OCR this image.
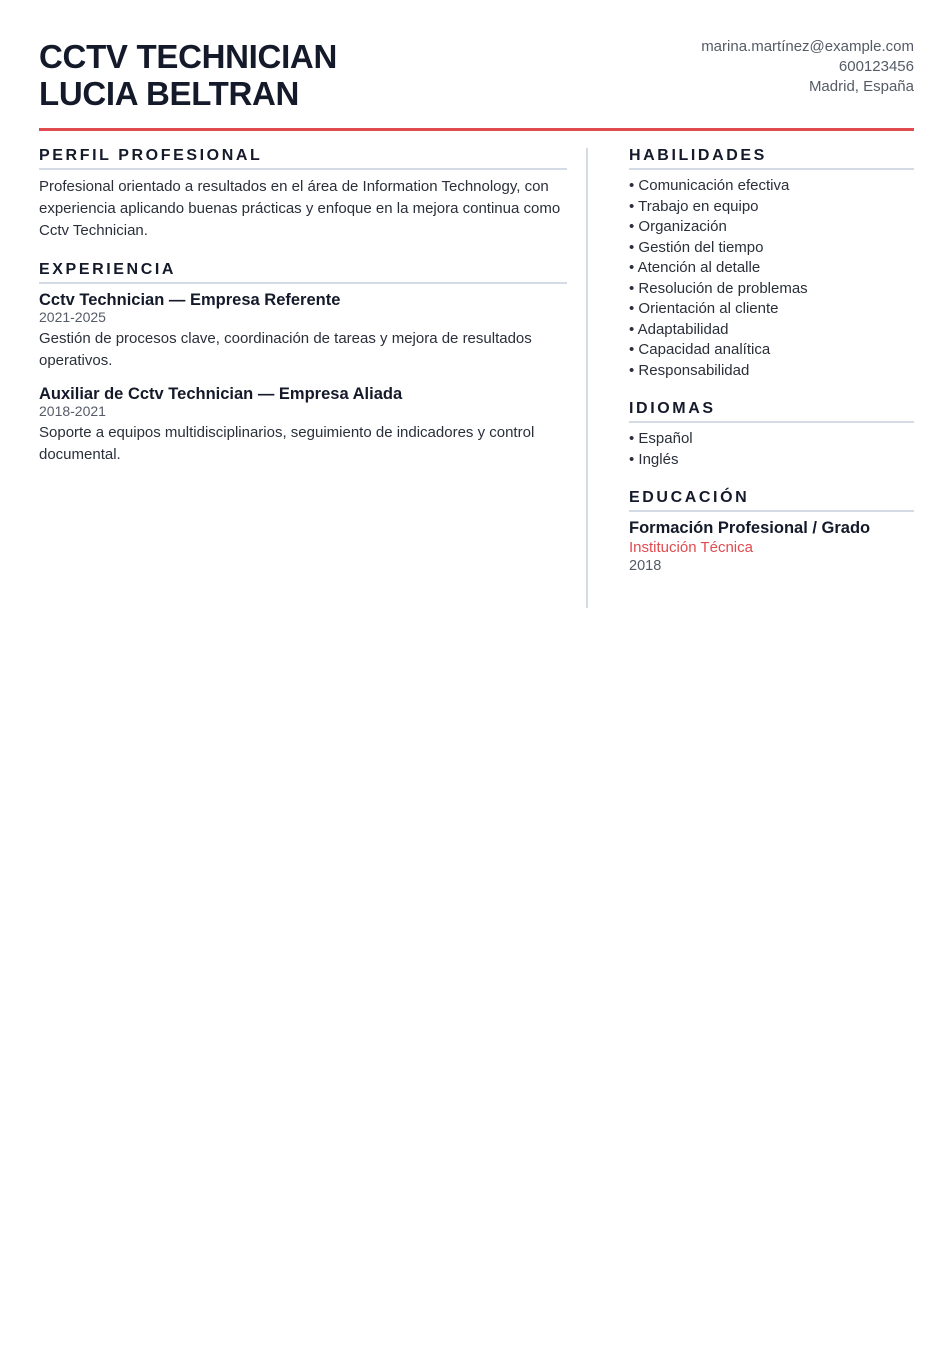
CCTV TECHNICIAN
LUCIA BELTRAN
marina.martínez@example.com
600123456
Madrid, España
PERFIL PROFESIONAL

Profesional orientado a resultados en el área de Information Technology, con experiencia aplicando buenas prácticas y enfoque en la mejora continua como Cctv Technician.

EXPERIENCIA
Cctv Technician — Empresa Referente
2021-2025

Gestión de procesos clave, coordinación de tareas y mejora de resultados operativos.

Auxiliar de Cctv Technician — Empresa Aliada
2018-2021

Soporte a equipos multidisciplinarios, seguimiento de indicadores y control documental.

HABILIDADES
• Comunicación efectiva
• Trabajo en equipo
• Organización
• Gestión del tiempo
• Atención al detalle
• Resolución de problemas
• Orientación al cliente
• Adaptabilidad
• Capacidad analítica
• Responsabilidad
IDIOMAS
• Español
• Inglés
EDUCACIÓN
Formación Profesional / Grado
Institución Técnica
2018
